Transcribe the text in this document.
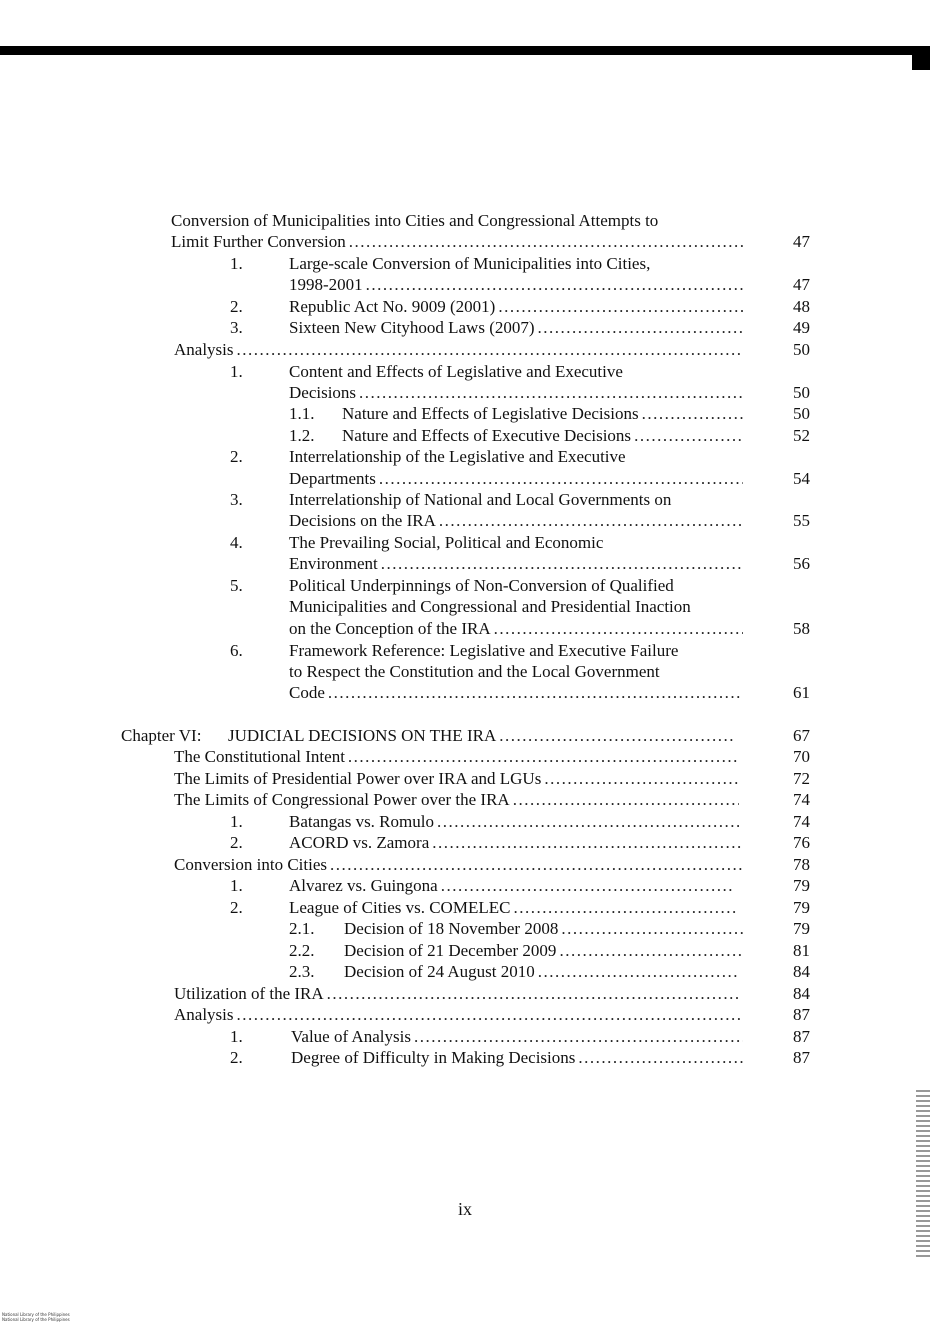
Conversion of Municipalities into Cities and Congressional Attempts to
Limit Further Conversion .....	47
1.	Large-scale Conversion of Municipalities into Cities,
1998-2001 .....	47
2.	Republic Act No. 9009 (2001) .....	48
3.	Sixteen New Cityhood Laws (2007) .....	49
Analysis .....	50
1.	Content and Effects of Legislative and Executive
Decisions .....	50
1.1. Nature and Effects of Legislative Decisions .....	50
1.2. Nature and Effects of Executive Decisions .....	52
2.	Interrelationship of the Legislative and Executive
Departments .....	54
3.	Interrelationship of National and Local Governments on
Decisions on the IRA .....	55
4.	The Prevailing Social, Political and Economic
Environment .....	56
5.	Political Underpinnings of Non-Conversion of Qualified
Municipalities and Congressional and Presidential Inaction
on the Conception of the IRA .....	58
6.	Framework Reference: Legislative and Executive Failure
to Respect the Constitution and the Local Government
Code .....	61
Chapter VI:	JUDICIAL DECISIONS ON THE IRA .....	67
The Constitutional Intent .....	70
The Limits of Presidential Power over IRA and LGUs .....	72
The Limits of Congressional Power over the IRA .....	74
1.	Batangas vs. Romulo .....	74
2.	ACORD vs. Zamora .....	76
Conversion into Cities .....	78
1.	Alvarez vs. Guingona .....	79
2.	League of Cities vs. COMELEC .....	79
2.1. Decision of 18 November 2008 .....	79
2.2. Decision of 21 December 2009 .....	81
2.3. Decision of 24 August 2010 .....	84
Utilization of the IRA .....	84
Analysis .....	87
1.	Value of Analysis .....	87
2.	Degree of Difficulty in Making Decisions .....	87
ix
National Library of the Philippines
National Library of the Philippines
